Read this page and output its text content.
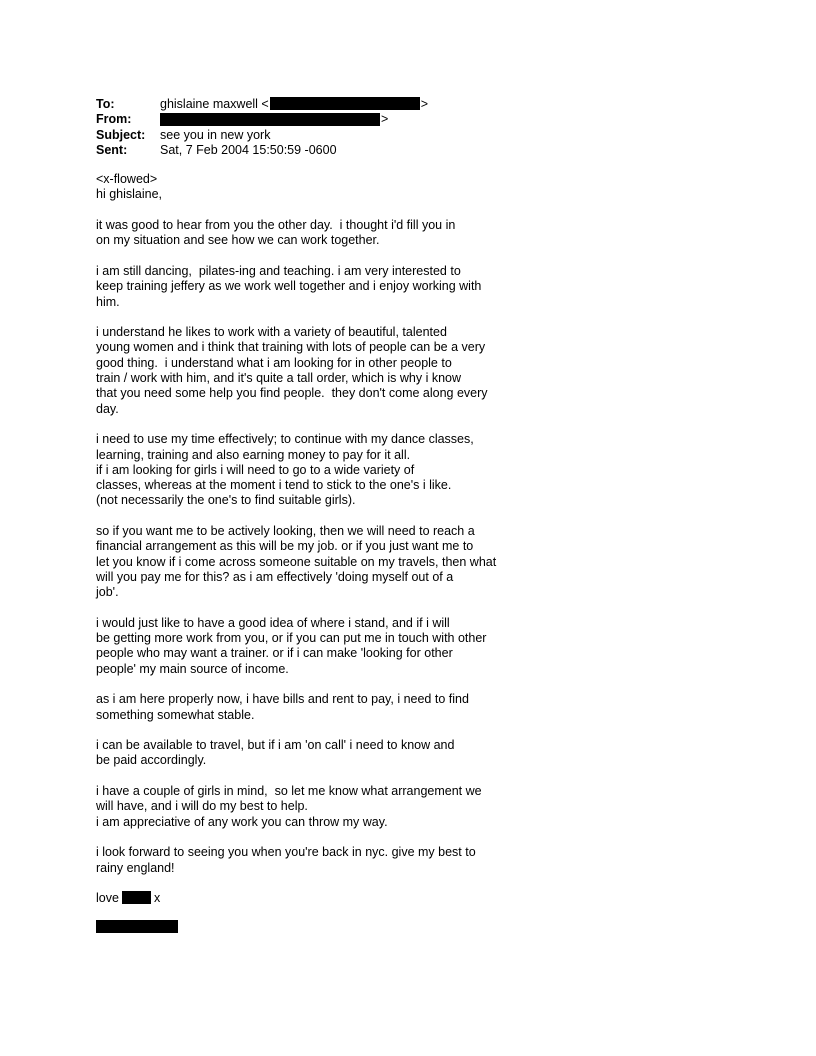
To:	ghislaine maxwell <	>
From:	>
Subject:	see you in new york
Sent:	Sat, 7 Feb 2004 15:50:59 -0600
<x-flowed>
hi ghislaine,
it was good to hear from you the other day.  i thought i'd fill you in
on my situation and see how we can work together.
i am still dancing,  pilates-ing and teaching. i am very interested to
keep training jeffery as we work well together and i enjoy working with
him.
i understand he likes to work with a variety of beautiful, talented
young women and i think that training with lots of people can be a very
good thing.  i understand what i am looking for in other people to
train / work with him, and it's quite a tall order, which is why i know
that you need some help you find people.  they don't come along every
day.
i need to use my time effectively; to continue with my dance classes,
learning, training and also earning money to pay for it all.
if i am looking for girls i will need to go to a wide variety of
classes, whereas at the moment i tend to stick to the one's i like.
(not necessarily the one's to find suitable girls).
so if you want me to be actively looking, then we will need to reach a
financial arrangement as this will be my job. or if you just want me to
let you know if i come across someone suitable on my travels, then what
will you pay me for this? as i am effectively 'doing myself out of a
job'.
i would just like to have a good idea of where i stand, and if i will
be getting more work from you, or if you can put me in touch with other
people who may want a trainer. or if i can make 'looking for other
people' my main source of income.
as i am here properly now, i have bills and rent to pay, i need to find
something somewhat stable.
i can be available to travel, but if i am 'on call' i need to know and
be paid accordingly.
i have a couple of girls in mind,  so let me know what arrangement we
will have, and i will do my best to help.
i am appreciative of any work you can throw my way.
i look forward to seeing you when you're back in nyc. give my best to
rainy england!
love	x
